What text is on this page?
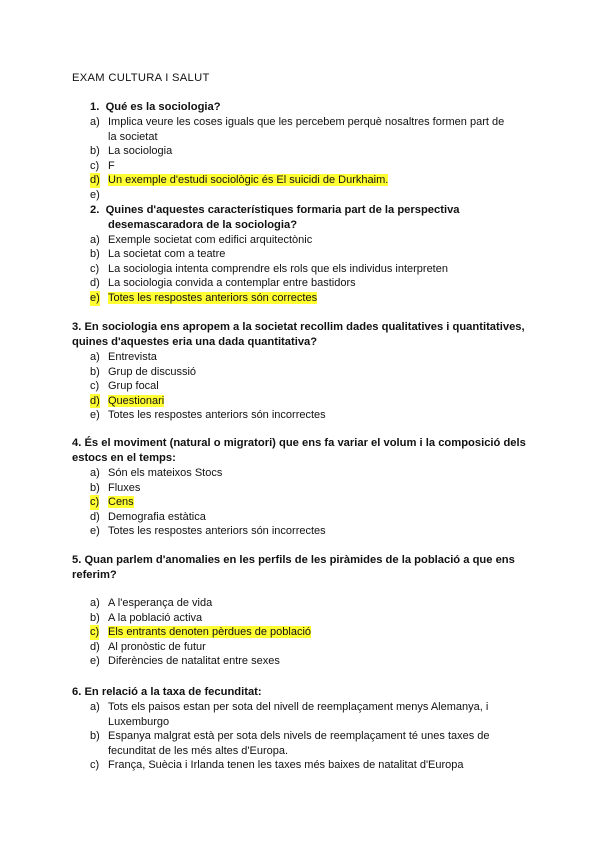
EXAM CULTURA I SALUT

1. Qué es la sociologia?

a) Implica veure les coses iguals que les percebem perquè nosaltres formen part de la societat
b) La sociologia
c) F
d) Un exemple d'estudi sociològic és El suicidi de Durkhaim.
e)

2. Quines d'aquestes característiques formaria part de la perspectiva desemascaradora de la sociologia?

a) Exemple societat com edifici arquitectònic
b) La societat com a teatre
c) La sociologia intenta comprendre els rols que els individus interpreten
d) La sociologia convida a contemplar entre bastidors
e) Totes les respostes anteriors són correctes

3. En sociologia ens apropem a la societat recollim dades qualitatives i quantitatives, quines d'aquestes eria una dada quantitativa?

a) Entrevista
b) Grup de discussió
c) Grup focal
d) Questionari
e) Totes les respostes anteriors són incorrectes

4. És el moviment (natural o migratori) que ens fa variar el volum i la composició dels estocs en el temps:

a) Són els mateixos Stocs
b) Fluxes
c) Cens
d) Demografia estàtica
e) Totes les respostes anteriors són incorrectes

5. Quan parlem d'anomalies en les perfils de les piràmides de la població a que ens referim?

a) A l'esperança de vida
b) A la població activa
c) Els entrants denoten pèrdues de població
d) Al pronòstic de futur
e) Diferències de natalitat entre sexes

6. En relació a la taxa de fecunditat:

a) Tots els paisos estan per sota del nivell de reemplaçament menys Alemanya, i Luxemburgo
b) Espanya malgrat està per sota dels nivels de reemplaçament té unes taxes de fecunditat de les més altes d'Europa.
c) França, Suècia i Irlanda tenen les taxes més baixes de natalitat d'Europa
